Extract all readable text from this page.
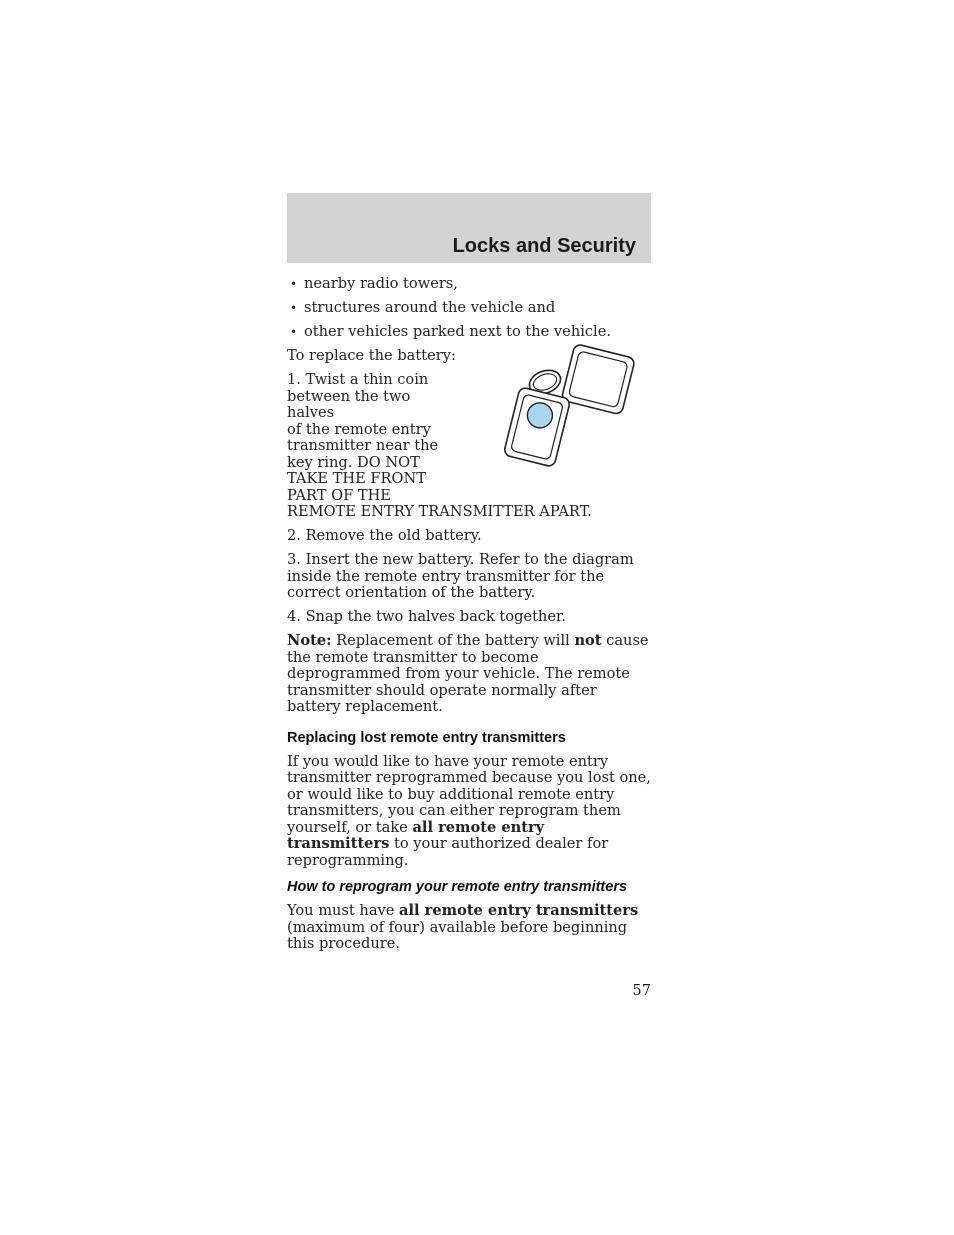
Locks and Security
• nearby radio towers,
• structures around the vehicle and
• other vehicles parked next to the vehicle.

To replace the battery:

1. Twist a thin coin
between the two halves
of the remote entry
transmitter near the
key ring. DO NOT
TAKE THE FRONT
PART OF THE
REMOTE ENTRY TRANSMITTER APART.

2. Remove the old battery.

3. Insert the new battery. Refer to the diagram inside the remote entry transmitter for the correct orientation of the battery.

4. Snap the two halves back together.

Note: Replacement of the battery will not cause the remote transmitter to become deprogrammed from your vehicle. The remote transmitter should operate normally after battery replacement.

Replacing lost remote entry transmitters

If you would like to have your remote entry transmitter reprogrammed because you lost one, or would like to buy additional remote entry transmitters, you can either reprogram them yourself, or take all remote entry transmitters to your authorized dealer for reprogramming.

How to reprogram your remote entry transmitters

You must have all remote entry transmitters (maximum of four) available before beginning this procedure.

57
